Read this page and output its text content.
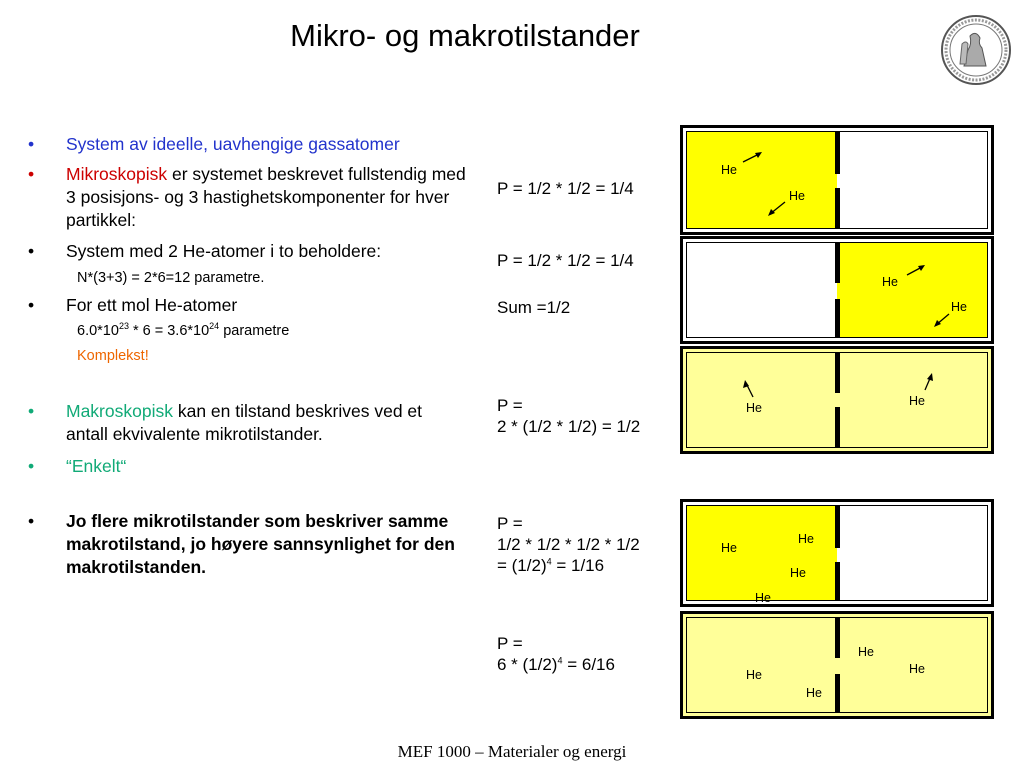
Mikro- og makrotilstander
•	System av ideelle, uavhengige gassatomer
•	Mikroskopisk er systemet beskrevet fullstendig med 3 posisjons- og 3 hastighetskomponenter for hver partikkel:
•	System med 2 He-atomer i to beholdere:
N*(3+3) = 2*6=12 parametre.
•	For ett mol He-atomer
$6.0*10^{23} * 6 = 3.6*10^{24}$ parametre
Komplekst!
•	Makroskopisk kan en tilstand beskrives ved et antall ekvivalente mikrotilstander.
•	“Enkelt“
•	Jo flere mikrotilstander som beskriver samme makrotilstand, jo høyere sannsynlighet for den makrotilstanden.
P = 1/2 * 1/2 = 1/4
P = 1/2 * 1/2 = 1/4
Sum =1/2
P =
2 * (1/2 * 1/2) = 1/2
P =
1/2 * 1/2 * 1/2 * 1/2
= $(1/2)^4 = 1/16$
P =
$6 * (1/2)^4 = 6/16$
He
He
He
He
He	He
He
He
He
He
He
He
He
He
MEF 1000 – Materialer og energi
